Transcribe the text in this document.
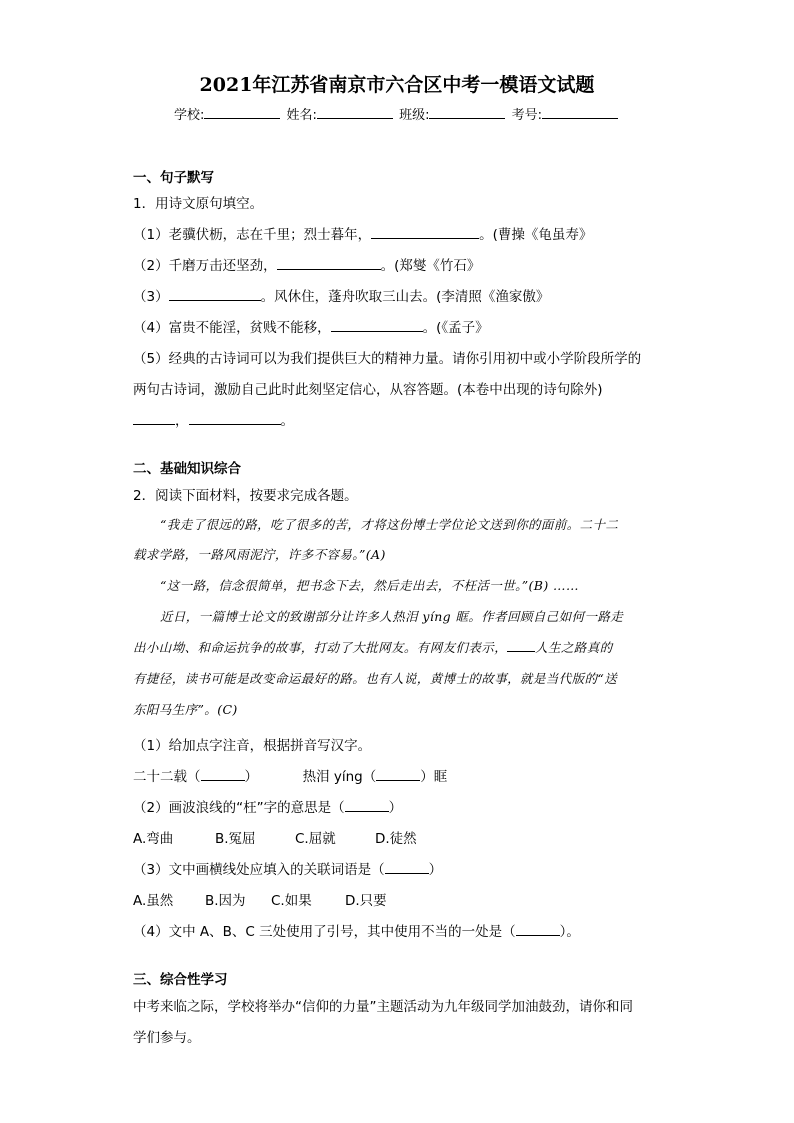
2021年江苏省南京市六合区中考一模语文试题
学校:	姓名:	班级:	考号:
一、句子默写
1．用诗文原句填空。
（1）老骥伏枥，志在千里；烈士暮年，	。(曹操《龟虽寿》
（2）千磨万击还坚劲，	。(郑燮《竹石》
（3）	。风休住，蓬舟吹取三山去。(李清照《渔家傲》
（4）富贵不能淫，贫贱不能移，	。(《孟子》
（5）经典的古诗词可以为我们提供巨大的精神力量。请你引用初中或小学阶段所学的
两句古诗词，激励自己此时此刻坚定信心，从容答题。(本卷中出现的诗句除外)
，	。
二、基础知识综合
2．阅读下面材料，按要求完成各题。
“我走了很远的路，吃了很多的苦，才将这份博士学位论文送到你的面前。二十二
载求学路，一路风雨泥泞，许多不容易。”(A)
“这一路，信念很简单，把书念下去，然后走出去，不枉活一世。”(B) ……
近日，一篇博士论文的致谢部分让许多人热泪 yíng 眶。作者回顾自己如何一路走
出小山坳、和命运抗争的故事，打动了大批网友。有网友们表示， 人生之路真的
有捷径，读书可能是改变命运最好的路。也有人说，黄博士的故事，就是当代版的“送
东阳马生序”。(C)
（1）给加点字注音，根据拼音写汉字。
二十二载（	）	热泪 yíng（	）眶
（2）画波浪线的“枉”字的意思是（	）
A.弯曲	B.冤屈	C.屈就	D.徒然
（3）文中画横线处应填入的关联词语是（	）
A.虽然 B.因为 C.如果 D.只要
（4）文中 A、B、C 三处使用了引号，其中使用不当的一处是（	）。
三、综合性学习
中考来临之际，学校将举办“信仰的力量”主题活动为九年级同学加油鼓劲，请你和同
学们参与。
